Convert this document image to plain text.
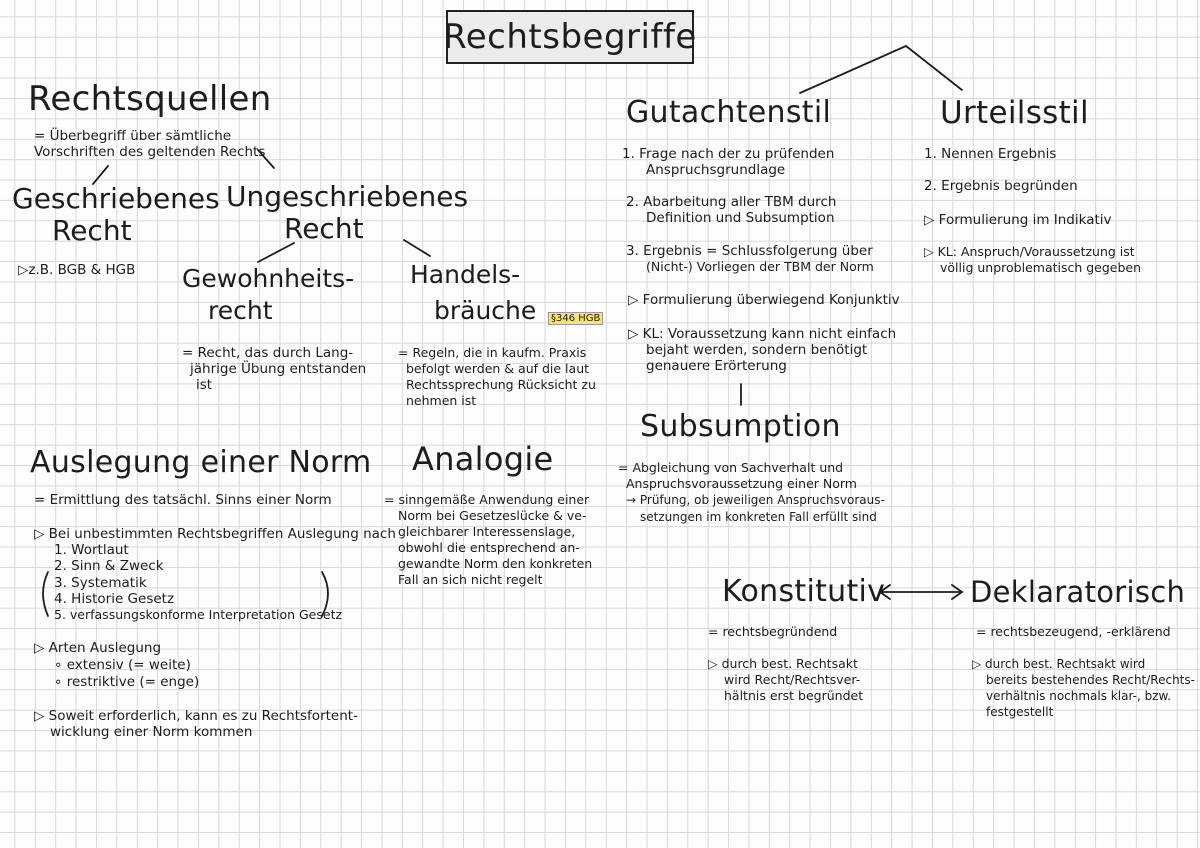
Rechtsbegriffe
Rechtsquellen
= Überbegriff über sämtliche
Vorschriften des geltenden Rechts
Geschriebenes
Recht
▷z.B. BGB & HGB
Ungeschriebenes
Recht
Gewohnheits-
recht
= Recht, das durch Lang-
jährige Übung entstanden
ist
Handels-
bräuche	§346 HGB
= Regeln, die in kaufm. Praxis
befolgt werden & auf die laut
Rechtssprechung Rücksicht zu
nehmen ist
Auslegung einer Norm
= Ermittlung des tatsächl. Sinns einer Norm
▷ Bei unbestimmten Rechtsbegriffen Auslegung nach
1. Wortlaut
2. Sinn & Zweck
3. Systematik
4. Historie Gesetz
5. verfassungskonforme Interpretation Gesetz
▷ Arten Auslegung
∘ extensiv (= weite)
∘ restriktive (= enge)
▷ Soweit erforderlich, kann es zu Rechtsfortent-
wicklung einer Norm kommen
Analogie
= sinngemäße Anwendung einer
Norm bei Gesetzeslücke & ve-
gleichbarer Interessenslage,
obwohl die entsprechend an-
gewandte Norm den konkreten
Fall an sich nicht regelt
Gutachtenstil
1. Frage nach der zu prüfenden
Anspruchsgrundlage
2. Abarbeitung aller TBM durch
Definition und Subsumption
3. Ergebnis = Schlussfolgerung über
(Nicht-) Vorliegen der TBM der Norm
▷ Formulierung überwiegend Konjunktiv
▷ KL: Voraussetzung kann nicht einfach
bejaht werden, sondern benötigt
genauere Erörterung
Urteilsstil
1. Nennen Ergebnis
2. Ergebnis begründen
▷ Formulierung im Indikativ
▷ KL: Anspruch/Voraussetzung ist
völlig unproblematisch gegeben
Subsumption
= Abgleichung von Sachverhalt und
Anspruchsvoraussetzung einer Norm
→ Prüfung, ob jeweiligen Anspruchsvoraus-
setzungen im konkreten Fall erfüllt sind
Konstitutiv
= rechtsbegründend
▷ durch best. Rechtsakt
wird Recht/Rechtsver-
hältnis erst begründet
Deklaratorisch
= rechtsbezeugend, -erklärend
▷ durch best. Rechtsakt wird
bereits bestehendes Recht/Rechts-
verhältnis nochmals klar-, bzw.
festgestellt
